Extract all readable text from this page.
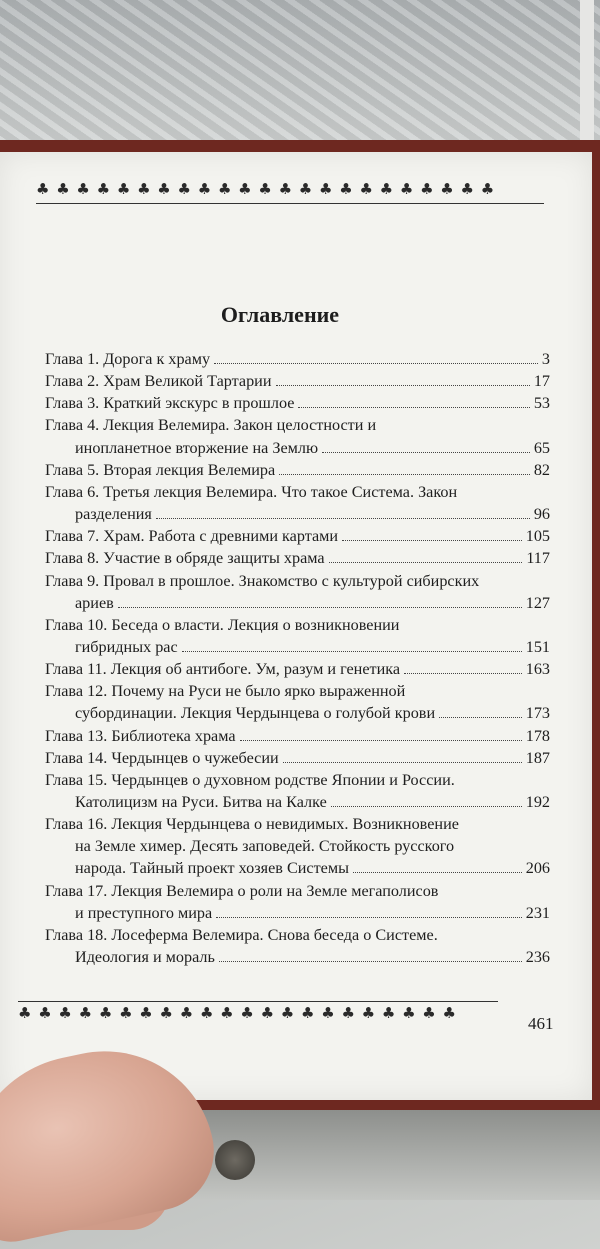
♣ ♣ ♣ ♣ ♣ ♣ ♣ ♣ ♣ ♣ ♣ ♣ ♣ ♣ ♣ ♣ ♣ ♣ ♣ ♣ ♣ ♣ ♣
Оглавление
Глава 1. Дорога к храму	3
Глава 2. Храм Великой Тартарии	17
Глава 3. Краткий экскурс в прошлое	53
Глава 4. Лекция Велемира. Закон целостности и
инопланетное вторжение на Землю	65
Глава 5. Вторая лекция Велемира	82
Глава 6. Третья лекция Велемира. Что такое Система. Закон
разделения	96
Глава 7. Храм. Работа с древними картами	105
Глава 8. Участие в обряде защиты храма	117
Глава 9. Провал в прошлое. Знакомство с культурой сибирских
ариев	127
Глава 10. Беседа о власти. Лекция о возникновении
гибридных рас	151
Глава 11. Лекция об антибоге. Ум, разум и генетика	163
Глава 12. Почему на Руси не было ярко выраженной
субординации. Лекция Чердынцева о голубой крови	173
Глава 13. Библиотека храма	178
Глава 14. Чердынцев о чужебесии	187
Глава 15. Чердынцев о духовном родстве Японии и России.
Католицизм на Руси. Битва на Калке	192
Глава 16. Лекция Чердынцева о невидимых. Возникновение
на Земле химер. Десять заповедей. Стойкость русского
народа. Тайный проект хозяев Системы	206
Глава 17. Лекция Велемира о роли на Земле мегаполисов
и преступного мира	231
Глава 18. Лосеферма Велемира. Снова беседа о Системе.
Идеология и мораль	236
♣ ♣ ♣ ♣ ♣ ♣ ♣ ♣ ♣ ♣ ♣ ♣ ♣ ♣ ♣ ♣ ♣ ♣ ♣ ♣ ♣ ♣
461
